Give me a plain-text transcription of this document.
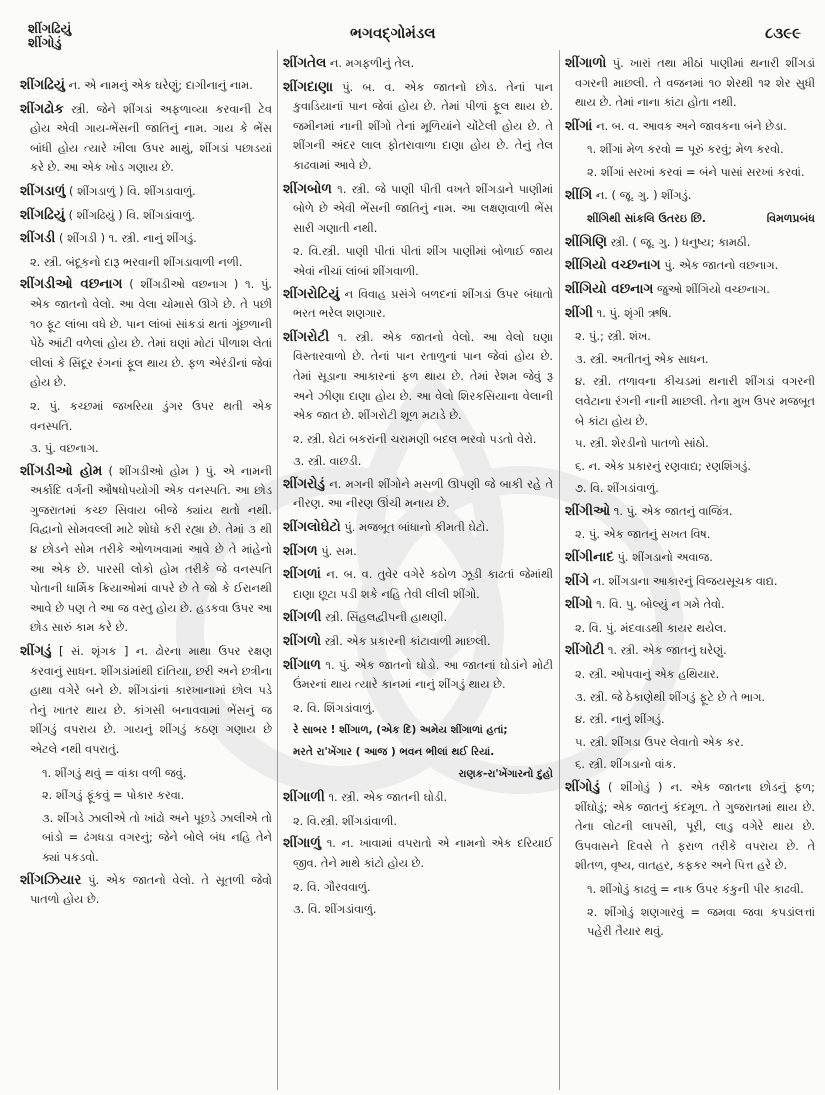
શીંગઢિયું
શીંગોડું
ભગવદ્ગોમંડલ	૮૩૯૯
શીંગઢિયું ન. એ નામનું એક ઘરેણું; દાગીનાનું નામ.
શીંગઢોક સ્ત્રી. જેને શીંગડાં અફળાવ્યા કરવાની ટેવ હોય એવી ગાય-ભેંસની જાતિનું નામ. ગાય કે ભેંસ બાંધી હોય ત્યારે ખીલા ઉપર માથું, શીંગડાં પછાડયાં કરે છે. આ એક ખોડ ગણાય છે.
શીંગડાળું ( શીંગડાળું ) વિ. શીંગડાવાળું.
શીંગઢિયું ( શીંગઢિયું ) વિ. શીંગડાંવાળું.
શીંગડી ( શીંગડી ) ૧. સ્ત્રી. નાનું શીંગડું.
૨. સ્ત્રી. બંદૂકનો દારૂ ભરવાની શીંગડાવાળી નળી.
શીંગડીઓ વછનાગ ( શીંગડીઓ વછનાગ ) ૧. પું. એક જાતનો વેલો. આ વેલા ચોમાસે ઊગે છે. તે પછી ૧૦ ફૂટ લાંબા વધે છે. પાન લાંબાં સાંકડાં થતાં ગૂંછળાની પેઠે આંટી વળેલાં હોય છે. તેમાં ઘણાં મોટાં પીળાશ લેતાં લીલાં કે સિંદૂર રંગનાં ફૂલ થાય છે. ફળ એરંડીનાં જેવાં હોય છે.
૨. પું. કચ્છમાં જખરિયા ડુંગર ઉપર થતી એક વનસ્પતિ.
૩. પું. વછનાગ.
શીંગડીઓ હોમ ( શીંગડીઓ હોમ ) પું. એ નામની અર્કાદિ વર્ગની ઔષધોપયોગી એક વનસ્પતિ. આ છોડ ગુજરાતમાં કચ્છ સિવાય બીજે ક્યાંય થતો નથી. વિદ્વાનો સોમવલ્લી માટે શોધો કરી રહ્યા છે. તેમાં ૩ થી ૪ છોડને સોમ તરીકે ઓળખવામાં આવે છે તે માંહેનો આ એક છે. પારસી લોકો હોમ તરીકે જે વનસ્પતિ પોતાની ધાર્મિક ક્રિયાઓમાં વાપરે છે તે જો કે ઈરાનથી આવે છે પણ તે આ જ વસ્તુ હોય છે. હડકવા ઉપર આ છોડ સારું કામ કરે છે.
શીંગડું [ સં. શૃંગક ] ન. ઢોરના માથા ઉપર રક્ષણ કરવાનું સાધન. શીંગડાંમાંથી દાંતિયા, છરી અને છત્રીના હાથા વગેરે બને છે. શીંગડાંનાં કારખાનામાં છોલ પડે તેનું ખાતર થાય છે. કાંગસી બનાવવામાં ભેંસનું જ શીંગડું વપરાય છે. ગાયનું શીંગડું કઠણ ગણાય છે એટલે નથી વપરાતું.
૧. શીંગડું થવું = વાંકા વળી જવું.
૨. શીંગડું ફૂંકવું = પોકાર કરવા.
૩. શીંગડે ઝાલીએ તો ખાંઢો અને પૂછડે ઝાલીએ તો બાંડો = ઢંગધડા વગરનું; જેને બોલે બંધ નહિ તેને ક્યાં પકડવો.
શીંગઝિયાર પું. એક જાતનો વેલો. તે સૂતળી જેવો પાતળો હોય છે.
શીંગતેલ ન. મગફળીનું તેલ.
શીંગદાણા પું. બ. વ. એક જાતનો છોડ. તેનાં પાન કુવાડિયાનાં પાન જેવાં હોય છે. તેમાં પીળાં ફૂલ થાય છે. જમીનમાં નાની શીંગો તેનાં મૂળિયાંને ચોંટેલી હોય છે. તે શીંગની અંદર લાલ ફોતરાવાળા દાણા હોય છે. તેનું તેલ કાઢવામાં આવે છે.
શીંગબોળ ૧. સ્ત્રી. જે પાણી પીતી વખતે શીંગડાને પાણીમાં બોળે છે એવી ભેંસની જાતિનું નામ. આ લક્ષણવાળી ભેંસ સારી ગણાતી નથી.
૨. વિ.સ્ત્રી. પાણી પીતાં પીતાં શીંગ પાણીમાં બોળાઈ જાય એવાં નીચાં લાંબાં શીંગવાળી.
શીંગરોટિયું ન વિવાહ પ્રસંગે બળદનાં શીંગડાં ઉપર બંધાતો ભરત ભરેલ શણગાર.
શીંગરોટી ૧. સ્ત્રી. એક જાતનો વેલો. આ વેલો ઘણા વિસ્તારવાળો છે. તેનાં પાન રતાળુનાં પાન જેવાં હોય છે. તેમાં સૂડાના આકારનાં ફળ થાય છે. તેમાં રેશમ જેવું રૂ અને ઝીણા દાણા હોય છે. આ વેલો શિરકસિયાના વેલાની એક જાત છે. શીંગરોટી શૂળ મટાડે છે.
૨. સ્ત્રી. ઘેટાં બકરાંની ચરામણી બદલ ભરવો પડતો વેરો.
૩. સ્ત્રી. વાછડી.
શીંગરોડું ન. મગની શીંગોને મસળી ઊપણી જે બાકી રહે તે નીરણ. આ નીરણ ઊંચી મનાય છે.
શીંગલોઘેટો પું. મજબૂત બાંધાનો કીમતી ઘેટો.
શીંગળ પું. સમ.
શીંગળાં ન. બ. વ. તુવેર વગેરે કઠોળ ઝૂડી કાઢતાં જેમાંથી દાણા છૂટા પડી શકે નહિ તેવી લીલી શીંગો.
શીંગળી સ્ત્રી. સિંહલદ્વીપની હાથણી.
શીંગળો સ્ત્રી. એક પ્રકારની કાંટાવાળી માછલી.
શીંગાળ ૧. પું. એક જાતનો ઘોડો. આ જાતનાં ઘોડાંને મોટી ઉંમરનાં થાય ત્યારે કાનમાં નાનું શીંગડું થાય છે.
૨. વિ. શિંગડાંવાળું.
રે સાબર ! શીંગાળ, (એક દિ) અમેય શીંગાળાં હતાં;
મરતે રા'ખેંગાર ( આજ ) ભવન ભીલાં થઈ રિયાં.
રાણક-રા'ખેંગારનો દુહો
શીંગાળી ૧. સ્ત્રી. એક જાતની ઘોડી.
૨. વિ.સ્ત્રી. શીંગડાંવાળી.
શીંગાળું ૧. ન. ખાવામાં વપરાતો એ નામનો એક દરિયાઈ જીવ. તેને માથે કાંટો હોય છે.
૨. વિ. ગૌરવવાળું.
૩. વિ. શીંગડાંવાળું.
શીંગાળો પું. ખારાં તથા મીઠાં પાણીમાં થનારી શીંગડાં વગરની માછલી. તે વજનમાં ૧૦ શેરથી ૧૨ શેર સુધી થાય છે. તેમાં નાના કાંટા હોતા નથી.
શીંગાં ન. બ. વ. આવક અને જાવકના બંને છેડા.
૧. શીંગાં મેળ કરવો = પૂરું કરવું; મેળ કરવો.
૨. શીંગાં સરખાં કરવાં = બંને પાસાં સરખાં કરવાં.
શીંગિ ન. ( જૂ. ગુ. ) શીંગડું.
શીંગિથી સાંકલિ ઉતરઇ છિ.	વિમળપ્રબંધ
શીંગિણિ સ્ત્રી. ( જૂ. ગુ. ) ધનુષ્ય; કામઠી.
શીંગિયો વચ્છનાગ પું. એક જાતનો વછનાગ.
શીંગિયો વછનાગ જુઓ શીંગિયો વચ્છનાગ.
શીંગી ૧. પું. શૃંગી ઋષિ.
૨. પું.; સ્ત્રી. શંખ.
૩. સ્ત્રી. અતીતનું એક સાધન.
૪. સ્ત્રી. તળાવના કીચડમાં થનારી શીંગડાં વગરની લવેટાના રંગની નાની માછલી. તેના મુખ ઉપર મજબૂત બે કાંટા હોય છે.
૫. સ્ત્રી. શેરડીનો પાતળો સાંઠો.
૬. ન. એક પ્રકારનું રણવાદ્ય; રણશિંગડું.
૭. વિ. શીંગડાંવાળું.
શીંગીઓ ૧. પું. એક જાતનું વાજિંત્ર.
૨. પું. એક જાતનું સખત વિષ.
શીંગીનાદ પું. શીંગડાનો અવાજ.
શીંગે ન. શીંગડાના આકારનું વિજયસૂચક વાદ્ય.
શીંગો ૧. વિ. પુ. બોલ્યું ન ગમે તેવો.
૨. વિ. પું. મંદવાડથી કાયર થયેલ.
શીંગોટી ૧. સ્ત્રી. એક જાતનું ઘરેણું.
૨. સ્ત્રી. ઓપવાનું એક હથિયાર.
૩. સ્ત્રી. જે ઠેકાણેથી શીંગડું ફૂટે છે તે ભાગ.
૪. સ્ત્રી. નાનું શીંગડું.
૫. સ્ત્રી. શીંગડા ઉપર લેવાતો એક કર.
૬. સ્ત્રી. શીંગડાનો વાંક.
શીંગોડું ( શીંગોડું ) ન. એક જાતના છોડનું ફળ; શીંઘોડું; એક જાતનું કંદમૂળ. તે ગુજરાતમાં થાય છે. તેના લોટની લાપસી, પૂરી, લાડુ વગેરે થાય છે. ઉપવાસને દિવસે તે ફરાળ તરીકે વપરાય છે. તે શીતળ, વૃષ્ય, વાતહર, કફકર અને પિત્ત હરે છે.
૧. શીંગોડું કાઢવું = નાક ઉપર કંકુની પીર કાઢવી.
૨. શીંગોડું શણગારવું = જમવા જવા કપડાંલત્તાં પહેરી તૈયાર થવું.
